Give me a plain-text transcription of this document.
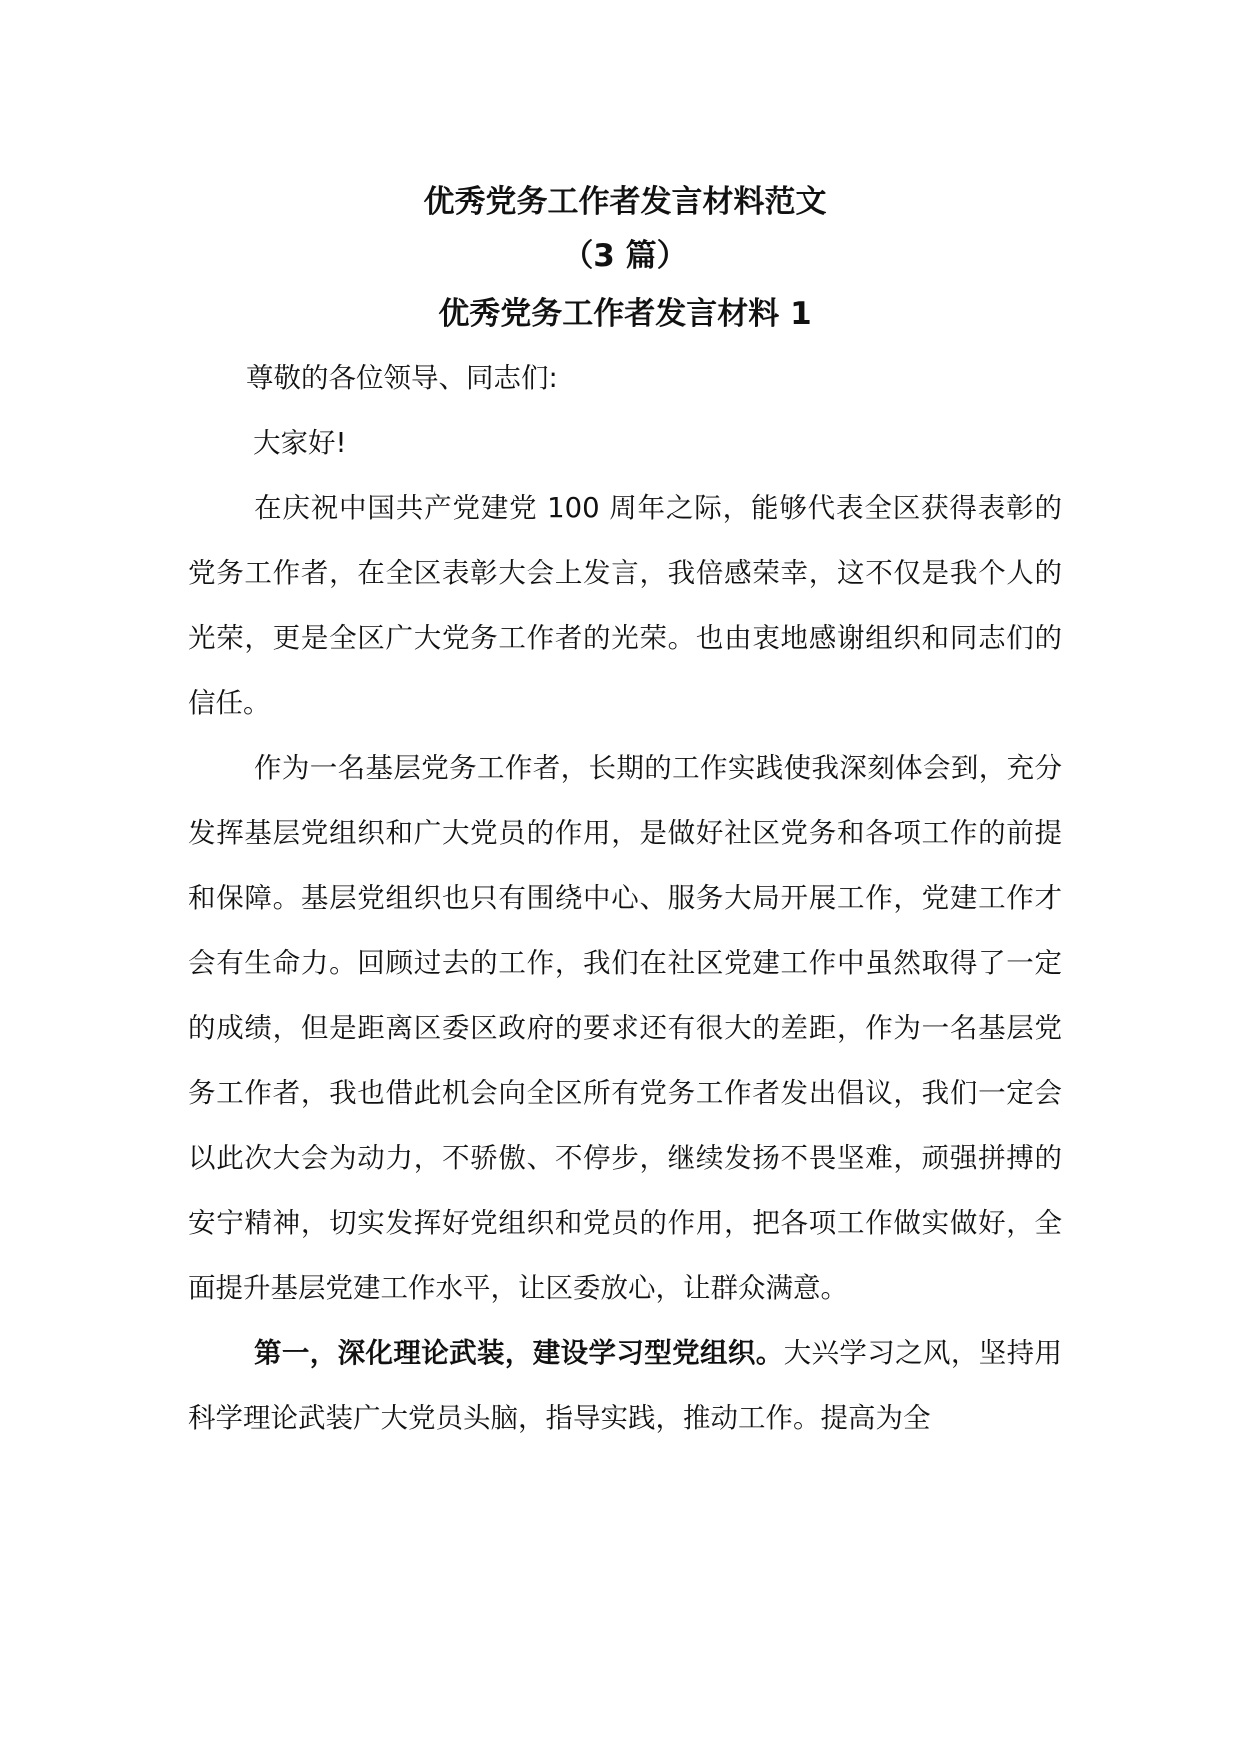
优秀党务工作者发言材料范文
（3 篇）
优秀党务工作者发言材料 1

尊敬的各位领导、同志们:

大家好!

在庆祝中国共产党建党 100 周年之际，能够代表全区获得表彰的党务工作者，在全区表彰大会上发言，我倍感荣幸，这不仅是我个人的光荣，更是全区广大党务工作者的光荣。也由衷地感谢组织和同志们的信任。

作为一名基层党务工作者，长期的工作实践使我深刻体会到，充分发挥基层党组织和广大党员的作用，是做好社区党务和各项工作的前提和保障。基层党组织也只有围绕中心、服务大局开展工作，党建工作才会有生命力。回顾过去的工作，我们在社区党建工作中虽然取得了一定的成绩，但是距离区委区政府的要求还有很大的差距，作为一名基层党务工作者，我也借此机会向全区所有党务工作者发出倡议，我们一定会以此次大会为动力，不骄傲、不停步，继续发扬不畏坚难，顽强拼搏的安宁精神，切实发挥好党组织和党员的作用，把各项工作做实做好，全面提升基层党建工作水平，让区委放心，让群众满意。

第一，深化理论武装，建设学习型党组织。大兴学习之风，坚持用科学理论武装广大党员头脑，指导实践，推动工作。提高为全
